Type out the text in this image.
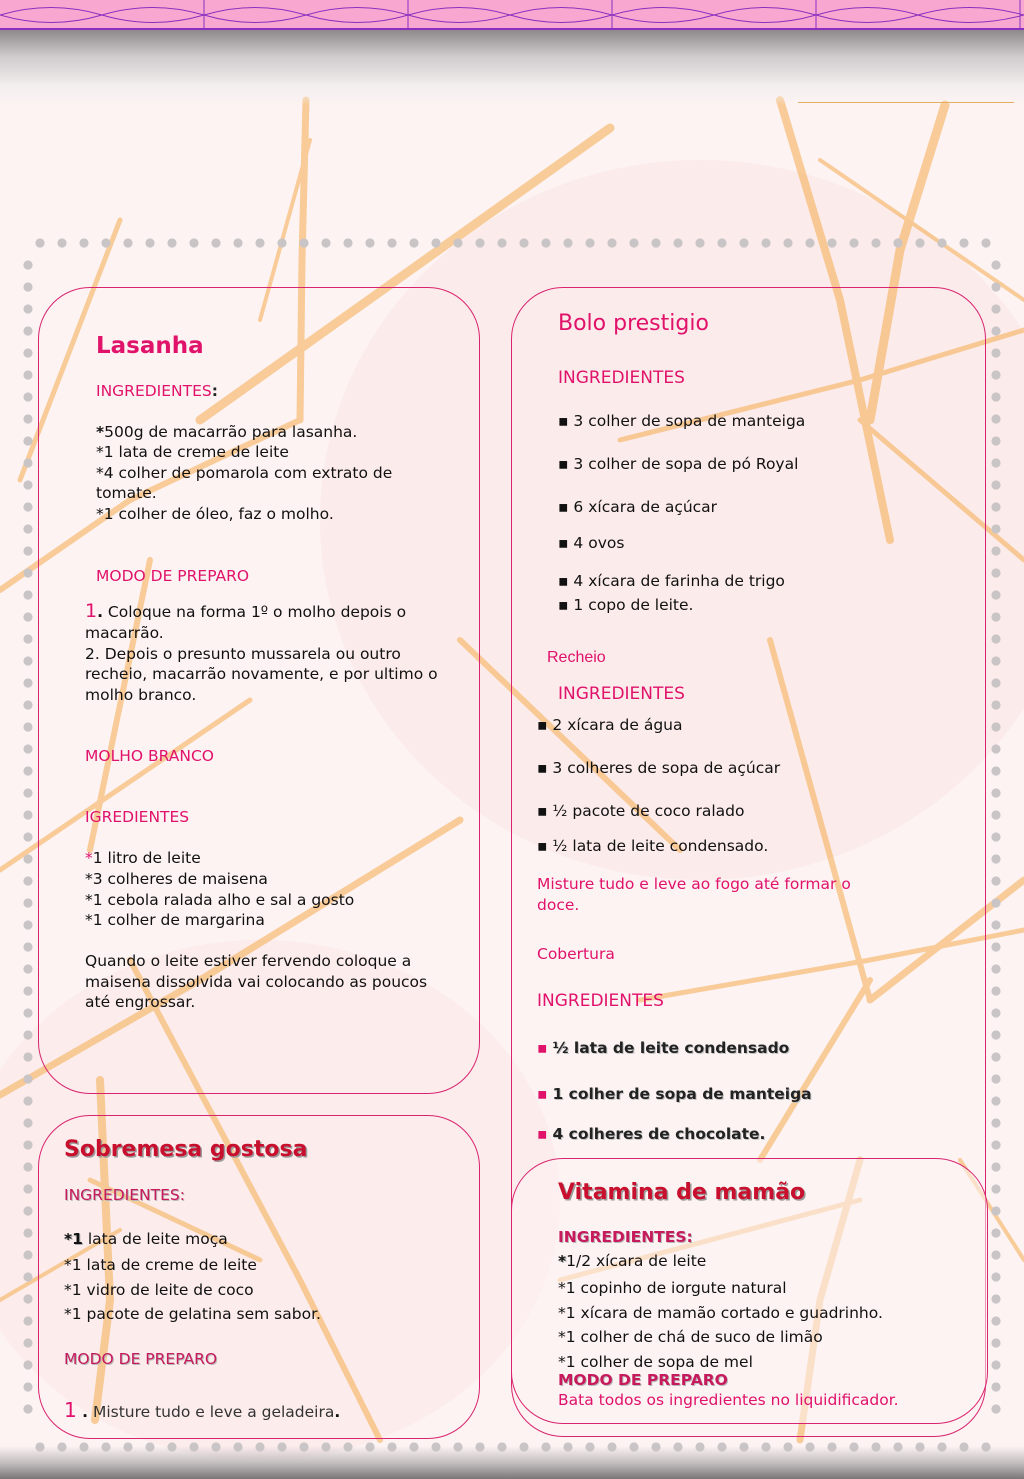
Lasanha
INGREDIENTES:
*500g de macarrão para lasanha.
*1 lata de creme de leite
*4 colher de pomarola com extrato de
tomate.
*1 colher de óleo, faz o molho.
MODO DE PREPARO
1. Coloque na forma 1º o molho depois o
macarrão.
2. Depois o presunto mussarela ou outro
recheio, macarrão novamente, e por ultimo o
molho branco.
MOLHO BRANCO
IGREDIENTES
*1 litro de leite
*3 colheres de maisena
*1 cebola ralada alho e sal a gosto
*1 colher de margarina
Quando o leite estiver fervendo coloque a
maisena dissolvida vai colocando as poucos
até engrossar.
Bolo prestigio
INGREDIENTES
▪ 3 colher de sopa de manteiga
▪ 3 colher de sopa de pó Royal
▪ 6 xícara de açúcar
▪ 4 ovos
▪ 4 xícara de farinha de trigo
▪ 1 copo de leite.
Recheio
INGREDIENTES
▪ 2 xícara de água
▪ 3 colheres de sopa de açúcar
▪ ½ pacote de coco ralado
▪ ½ lata de leite condensado.
Misture tudo e leve ao fogo até formar o
doce.
Cobertura
INGREDIENTES
▪ ½ lata de leite condensado
▪ 1 colher de sopa de manteiga
▪ 4 colheres de chocolate.
Sobremesa gostosa
INGREDIENTES:
*1 lata de leite moça
*1 lata de creme de leite
*1 vidro de leite de coco
*1 pacote de gelatina sem sabor.
MODO DE PREPARO
1 . Misture tudo e leve a geladeira.
Vitamina de mamão
INGREDIENTES:
*1/2 xícara de leite
*1 copinho de iorgute natural
*1 xícara de mamão cortado e guadrinho.
*1 colher de chá de suco de limão
*1 colher de sopa de mel
MODO DE PREPARO
Bata todos os ingredientes no liquidificador.
